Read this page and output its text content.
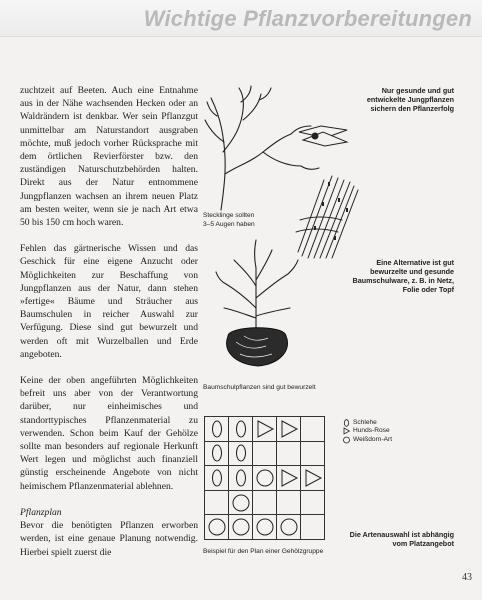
Wichtige Pflanzvorbereitungen

zuchtzeit auf Beeten. Auch eine Entnahme aus in der Nähe wachsenden Hecken oder an Waldrändern ist denkbar. Wer sein Pflanzgut unmittelbar am Naturstandort ausgraben möchte, muß jedoch vorher Rücksprache mit dem örtlichen Revierförster bzw. den zuständigen Naturschutzbehörden halten. Direkt aus der Natur entnommene Jungpflanzen wachsen an ihrem neuen Platz am besten weiter, wenn sie je nach Art etwa 50 bis 150 cm hoch waren.

Fehlen das gärtnerische Wissen und das Geschick für eine eigene Anzucht oder Möglichkeiten zur Beschaffung von Jungpflanzen aus der Natur, dann stehen »fertige« Bäume und Sträucher aus Baumschulen in reicher Auswahl zur Verfügung. Diese sind gut bewurzelt und werden oft mit Wurzelballen und Erde angeboten.

Keine der oben angeführten Möglichkeiten befreit uns aber von der Verantwortung darüber, nur einheimisches und standorttypisches Pflanzenmaterial zu verwenden. Schon beim Kauf der Gehölze sollte man besonders auf regionale Herkunft Wert legen und möglichst auch finanziell günstig erscheinende Angebote von nicht heimischem Pflanzenmaterial ablehnen.

Pflanzplan

Bevor die benötigten Pflanzen erworben werden, ist eine genaue Planung notwendig. Hierbei spielt zuerst die

Stecklinge sollten
3–5 Augen haben
Baumschulpflanzen sind gut bewurzelt
Nur gesunde und gut entwickelte Jungpflanzen sichern den Pflanzerfolg
Eine Alternative ist gut bewurzelte und gesunde Baumschulware, z. B. in Netz, Folie oder Topf
Die Artenauswahl ist abhängig vom Platzangebot
Schlehe
Hunds-Rose
Weißdorn-Art
Beispiel für den Plan einer Gehölzgruppe
43
